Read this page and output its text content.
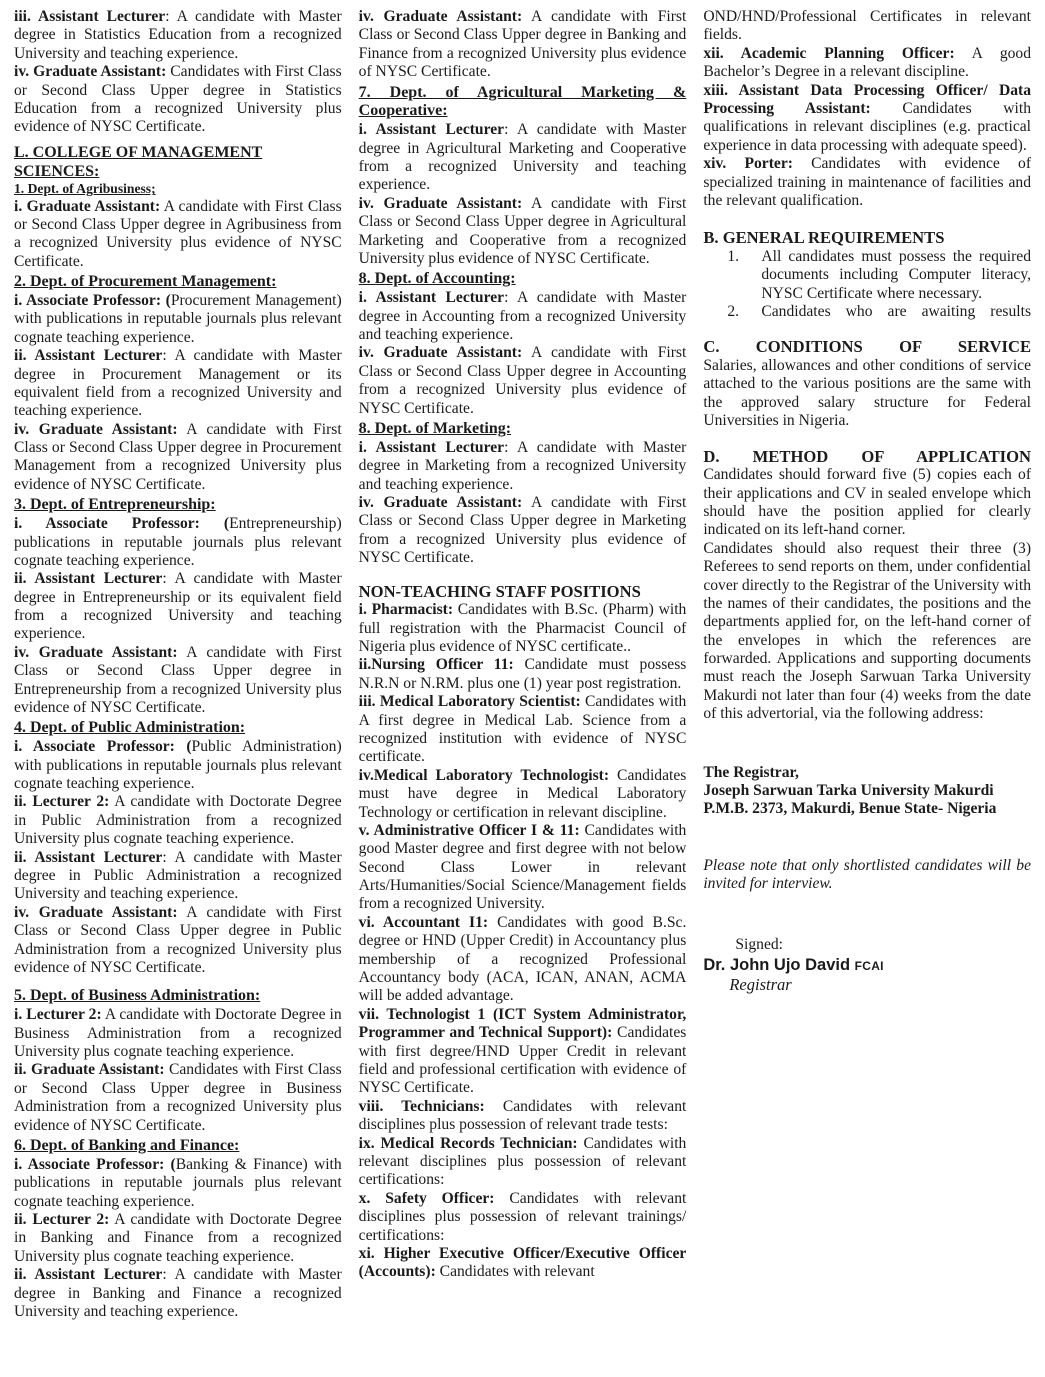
iii. Assistant Lecturer: A candidate with Master degree in Statistics Education from a recognized University and teaching experience.
iv. Graduate Assistant: Candidates with First Class or Second Class Upper degree in Statistics Education from a recognized University plus evidence of NYSC Certificate.
L. COLLEGE OF MANAGEMENT SCIENCES:
1. Dept. of Agribusiness;
i. Graduate Assistant: A candidate with First Class or Second Class Upper degree in Agribusiness from a recognized University plus evidence of NYSC Certificate.
2. Dept. of Procurement Management:
i. Associate Professor: (Procurement Management) with publications in reputable journals plus relevant cognate teaching experience.
ii. Assistant Lecturer: A candidate with Master degree in Procurement Management or its equivalent field from a recognized University and teaching experience.
iv. Graduate Assistant: A candidate with First Class or Second Class Upper degree in Procurement Management from a recognized University plus evidence of NYSC Certificate.
3. Dept. of Entrepreneurship:
i. Associate Professor: (Entrepreneurship) publications in reputable journals plus relevant cognate teaching experience.
ii. Assistant Lecturer: A candidate with Master degree in Entrepreneurship or its equivalent field from a recognized University and teaching experience.
iv. Graduate Assistant: A candidate with First Class or Second Class Upper degree in Entrepreneurship from a recognized University plus evidence of NYSC Certificate.
4. Dept. of Public Administration:
i. Associate Professor: (Public Administration) with publications in reputable journals plus relevant cognate teaching experience.
ii. Lecturer 2: A candidate with Doctorate Degree in Public Administration from a recognized University plus cognate teaching experience.
ii. Assistant Lecturer: A candidate with Master degree in Public Administration a recognized University and teaching experience.
iv. Graduate Assistant: A candidate with First Class or Second Class Upper degree in Public Administration from a recognized University plus evidence of NYSC Certificate.
5. Dept. of Business Administration:
i. Lecturer 2: A candidate with Doctorate Degree in Business Administration from a recognized University plus cognate teaching experience.
ii. Graduate Assistant: Candidates with First Class or Second Class Upper degree in Business Administration from a recognized University plus evidence of NYSC Certificate.
6. Dept. of Banking and Finance:
i. Associate Professor: (Banking & Finance) with publications in reputable journals plus relevant cognate teaching experience.
ii. Lecturer 2: A candidate with Doctorate Degree in Banking and Finance from a recognized University plus cognate teaching experience.
ii. Assistant Lecturer: A candidate with Master degree in Banking and Finance a recognized University and teaching experience.
iv. Graduate Assistant: A candidate with First Class or Second Class Upper degree in Banking and Finance from a recognized University plus evidence of NYSC Certificate.
7. Dept. of Agricultural Marketing & Cooperative:
i. Assistant Lecturer: A candidate with Master degree in Agricultural Marketing and Cooperative from a recognized University and teaching experience.
iv. Graduate Assistant: A candidate with First Class or Second Class Upper degree in Agricultural Marketing and Cooperative from a recognized University plus evidence of NYSC Certificate.
8. Dept. of Accounting:
i. Assistant Lecturer: A candidate with Master degree in Accounting from a recognized University and teaching experience.
iv. Graduate Assistant: A candidate with First Class or Second Class Upper degree in Accounting from a recognized University plus evidence of NYSC Certificate.
8. Dept. of Marketing:
i. Assistant Lecturer: A candidate with Master degree in Marketing from a recognized University and teaching experience.
iv. Graduate Assistant: A candidate with First Class or Second Class Upper degree in Marketing from a recognized University plus evidence of NYSC Certificate.
NON-TEACHING STAFF POSITIONS
i. Pharmacist: Candidates with B.Sc. (Pharm) with full registration with the Pharmacist Council of Nigeria plus evidence of NYSC certificate..
ii.Nursing Officer 11: Candidate must possess N.R.N or N.RM. plus one (1) year post registration.
iii. Medical Laboratory Scientist: Candidates with A first degree in Medical Lab. Science from a recognized institution with evidence of NYSC certificate.
iv.Medical Laboratory Technologist: Candidates must have degree in Medical Laboratory Technology or certification in relevant discipline.
v. Administrative Officer I & 11: Candidates with good Master degree and first degree with not below Second Class Lower in relevant Arts/Humanities/Social Science/Management fields from a recognized University.
vi. Accountant I1: Candidates with good B.Sc. degree or HND (Upper Credit) in Accountancy plus membership of a recognized Professional Accountancy body (ACA, ICAN, ANAN, ACMA will be added advantage.
vii. Technologist 1 (ICT System Administrator, Programmer and Technical Support): Candidates with first degree/HND Upper Credit in relevant field and professional certification with evidence of NYSC Certificate.
viii. Technicians: Candidates with relevant disciplines plus possession of relevant trade tests:
ix. Medical Records Technician: Candidates with relevant disciplines plus possession of relevant certifications:
x. Safety Officer: Candidates with relevant disciplines plus possession of relevant trainings/ certifications:
xi. Higher Executive Officer/Executive Officer (Accounts): Candidates with relevant
OND/HND/Professional Certificates in relevant fields.
xii. Academic Planning Officer: A good Bachelor’s Degree in a relevant discipline.
xiii. Assistant Data Processing Officer/ Data Processing Assistant: Candidates with qualifications in relevant disciplines (e.g. practical experience in data processing with adequate speed).
xiv. Porter: Candidates with evidence of specialized training in maintenance of facilities and the relevant qualification.
B. GENERAL REQUIREMENTS
1. All candidates must possess the required documents including Computer literacy, NYSC Certificate where necessary.
2. Candidates who are awaiting results
C. CONDITIONS OF SERVICE
Salaries, allowances and other conditions of service attached to the various positions are the same with the approved salary structure for Federal Universities in Nigeria.
D. METHOD OF APPLICATION
Candidates should forward five (5) copies each of their applications and CV in sealed envelope which should have the position applied for clearly indicated on its left-hand corner.
Candidates should also request their three (3) Referees to send reports on them, under confidential cover directly to the Registrar of the University with the names of their candidates, the positions and the departments applied for, on the left-hand corner of the envelopes in which the references are forwarded. Applications and supporting documents must reach the Joseph Sarwuan Tarka University Makurdi not later than four (4) weeks from the date of this advertorial, via the following address:
The Registrar,
Joseph Sarwuan Tarka University Makurdi
P.M.B. 2373, Makurdi, Benue State- Nigeria
Please note that only shortlisted candidates will be invited for interview.
Signed:
Dr. John Ujo David FCAI
Registrar
